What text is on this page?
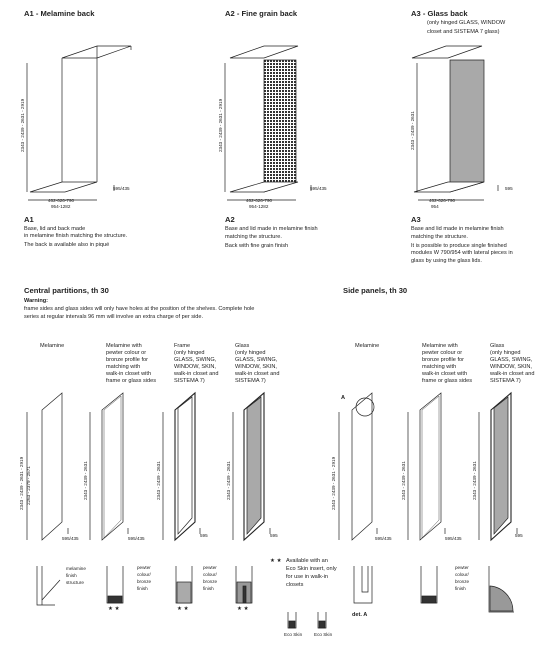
A1 - Melamine back
2343 - 2439 - 2631 - 2919
462-626-790
954-1282
595/435
A1
Base, lid and back made
in melamine finish matching the structure.
The back is available also in piqué
A2 - Fine grain back
2343 - 2439 - 2631 - 2919
462-626-790
954-1282
595/435
A2
Base and lid made in melamine finish
matching the structure.
Back with fine grain finish
A3 - Glass back
(only hinged GLASS, WINDOW
closet and SISTEMA 7 glass)
2343 - 2439 - 2631
462-626-790
954
595
A3
Base and lid made in melamine finish
matching the structure.
It is possible to produce single finished
modules W 790/954 with lateral pieces in
glass by using the glass lids.
Central partitions, th 30
Warning:
frame sides and glass sides will only have holes at the position of the shelves. Complete hole
series at regular intervals 96 mm will involve an extra charge of per side.
Melamine	Melamine with
pewter colour or
bronze profile for
matching with
walk-in closet with
frame or glass sides
Frame
(only hinged
GLASS, SWING,
WINDOW, SKIN,
walk-in closet and
SISTEMA 7)
Glass
(only hinged
GLASS, SWING,
WINDOW, SKIN,
walk-in closet and
SISTEMA 7)
2343 - 2439 - 2631 - 2919 2263 - 2379 - 2571	2343 - 2439 - 2631	2343 - 2439 - 2631	2343 - 2439 - 2631
595/435	595/435
595	595
melamine
finish
structure
pewter
colour/
bronze
finish
pewter
colour/
bronze
finish
★ ★	★ ★	★ ★
★ ★ Available with an
Eco Skin insert, only
for use in walk-in
closets
Eco Skin	Eco Skin
Side panels, th 30
Melamine	Melamine with
pewter colour or
bronze profile for
matching with
walk-in closet with
frame or glass sides
Glass
(only hinged
GLASS, SWING,
WINDOW, SKIN,
walk-in closet and
SISTEMA 7)
A
2343 - 2439 - 2631 - 2919	2343 - 2439 - 2631	2343 - 2439 - 2631
595/435	595/435
595
det. A
pewter
colour/
bronze
finish
